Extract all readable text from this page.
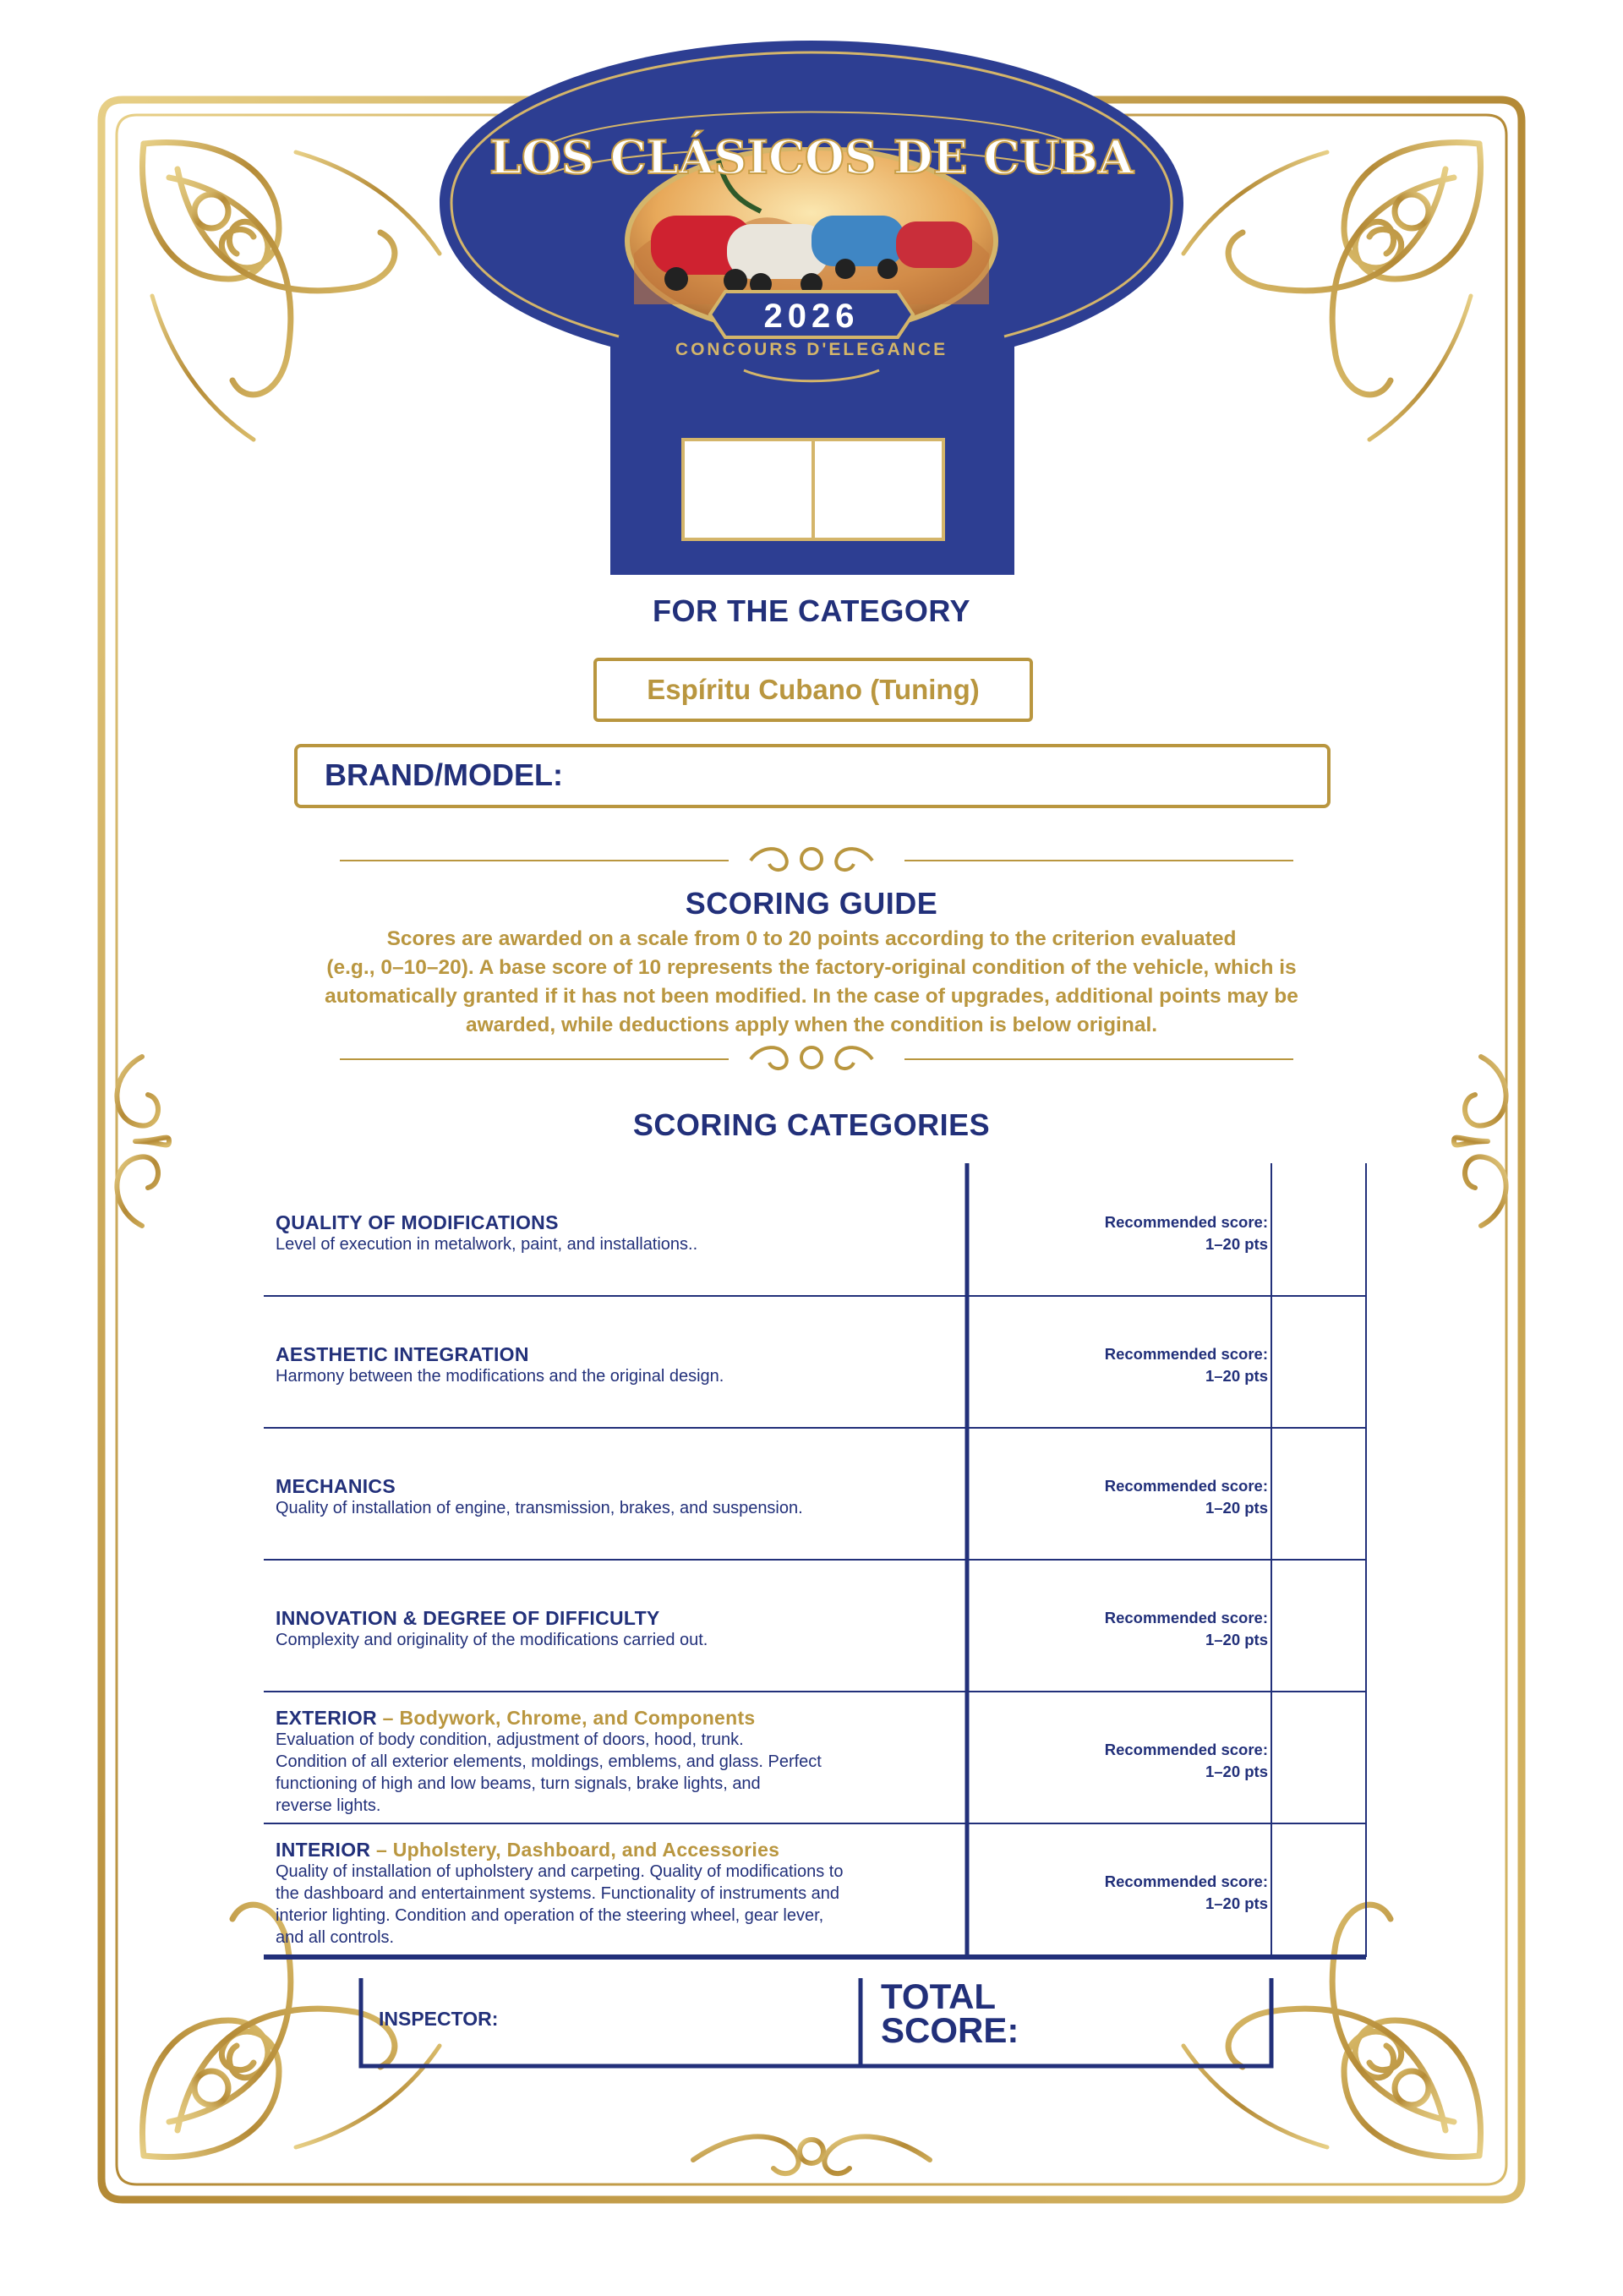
LOS CLÁSICOS DE CUBA
2026
CONCOURS D'ELEGANCE
FOR THE CATEGORY
Espíritu Cubano (Tuning)
BRAND/MODEL:
SCORING GUIDE
Scores are awarded on a scale from 0 to 20 points according to the criterion evaluated
(e.g., 0–10–20). A base score of 10 represents the factory-original condition of the vehicle, which is
automatically granted if it has not been modified. In the case of upgrades, additional points may be
awarded, while deductions apply when the condition is below original.
SCORING CATEGORIES
QUALITY OF MODIFICATIONS
Level of execution in metalwork, paint, and installations..
Recommended score:
1–20 pts
AESTHETIC INTEGRATION
Harmony between the modifications and the original design.
Recommended score:
1–20 pts
MECHANICS
Quality of installation of engine, transmission, brakes, and suspension.
Recommended score:
1–20 pts
INNOVATION & DEGREE OF DIFFICULTY
Complexity and originality of the modifications carried out.
Recommended score:
1–20 pts
EXTERIOR – Bodywork, Chrome, and Components
Evaluation of body condition, adjustment of doors, hood, trunk.
Condition of all exterior elements, moldings, emblems, and glass. Perfect
functioning of high and low beams, turn signals, brake lights, and
reverse lights.
Recommended score:
1–20 pts
INTERIOR – Upholstery, Dashboard, and Accessories
Quality of installation of upholstery and carpeting. Quality of modifications to
the dashboard and entertainment systems. Functionality of instruments and
interior lighting. Condition and operation of the steering wheel, gear lever,
and all controls.
Recommended score:
1–20 pts
INSPECTOR:
TOTAL
SCORE:
